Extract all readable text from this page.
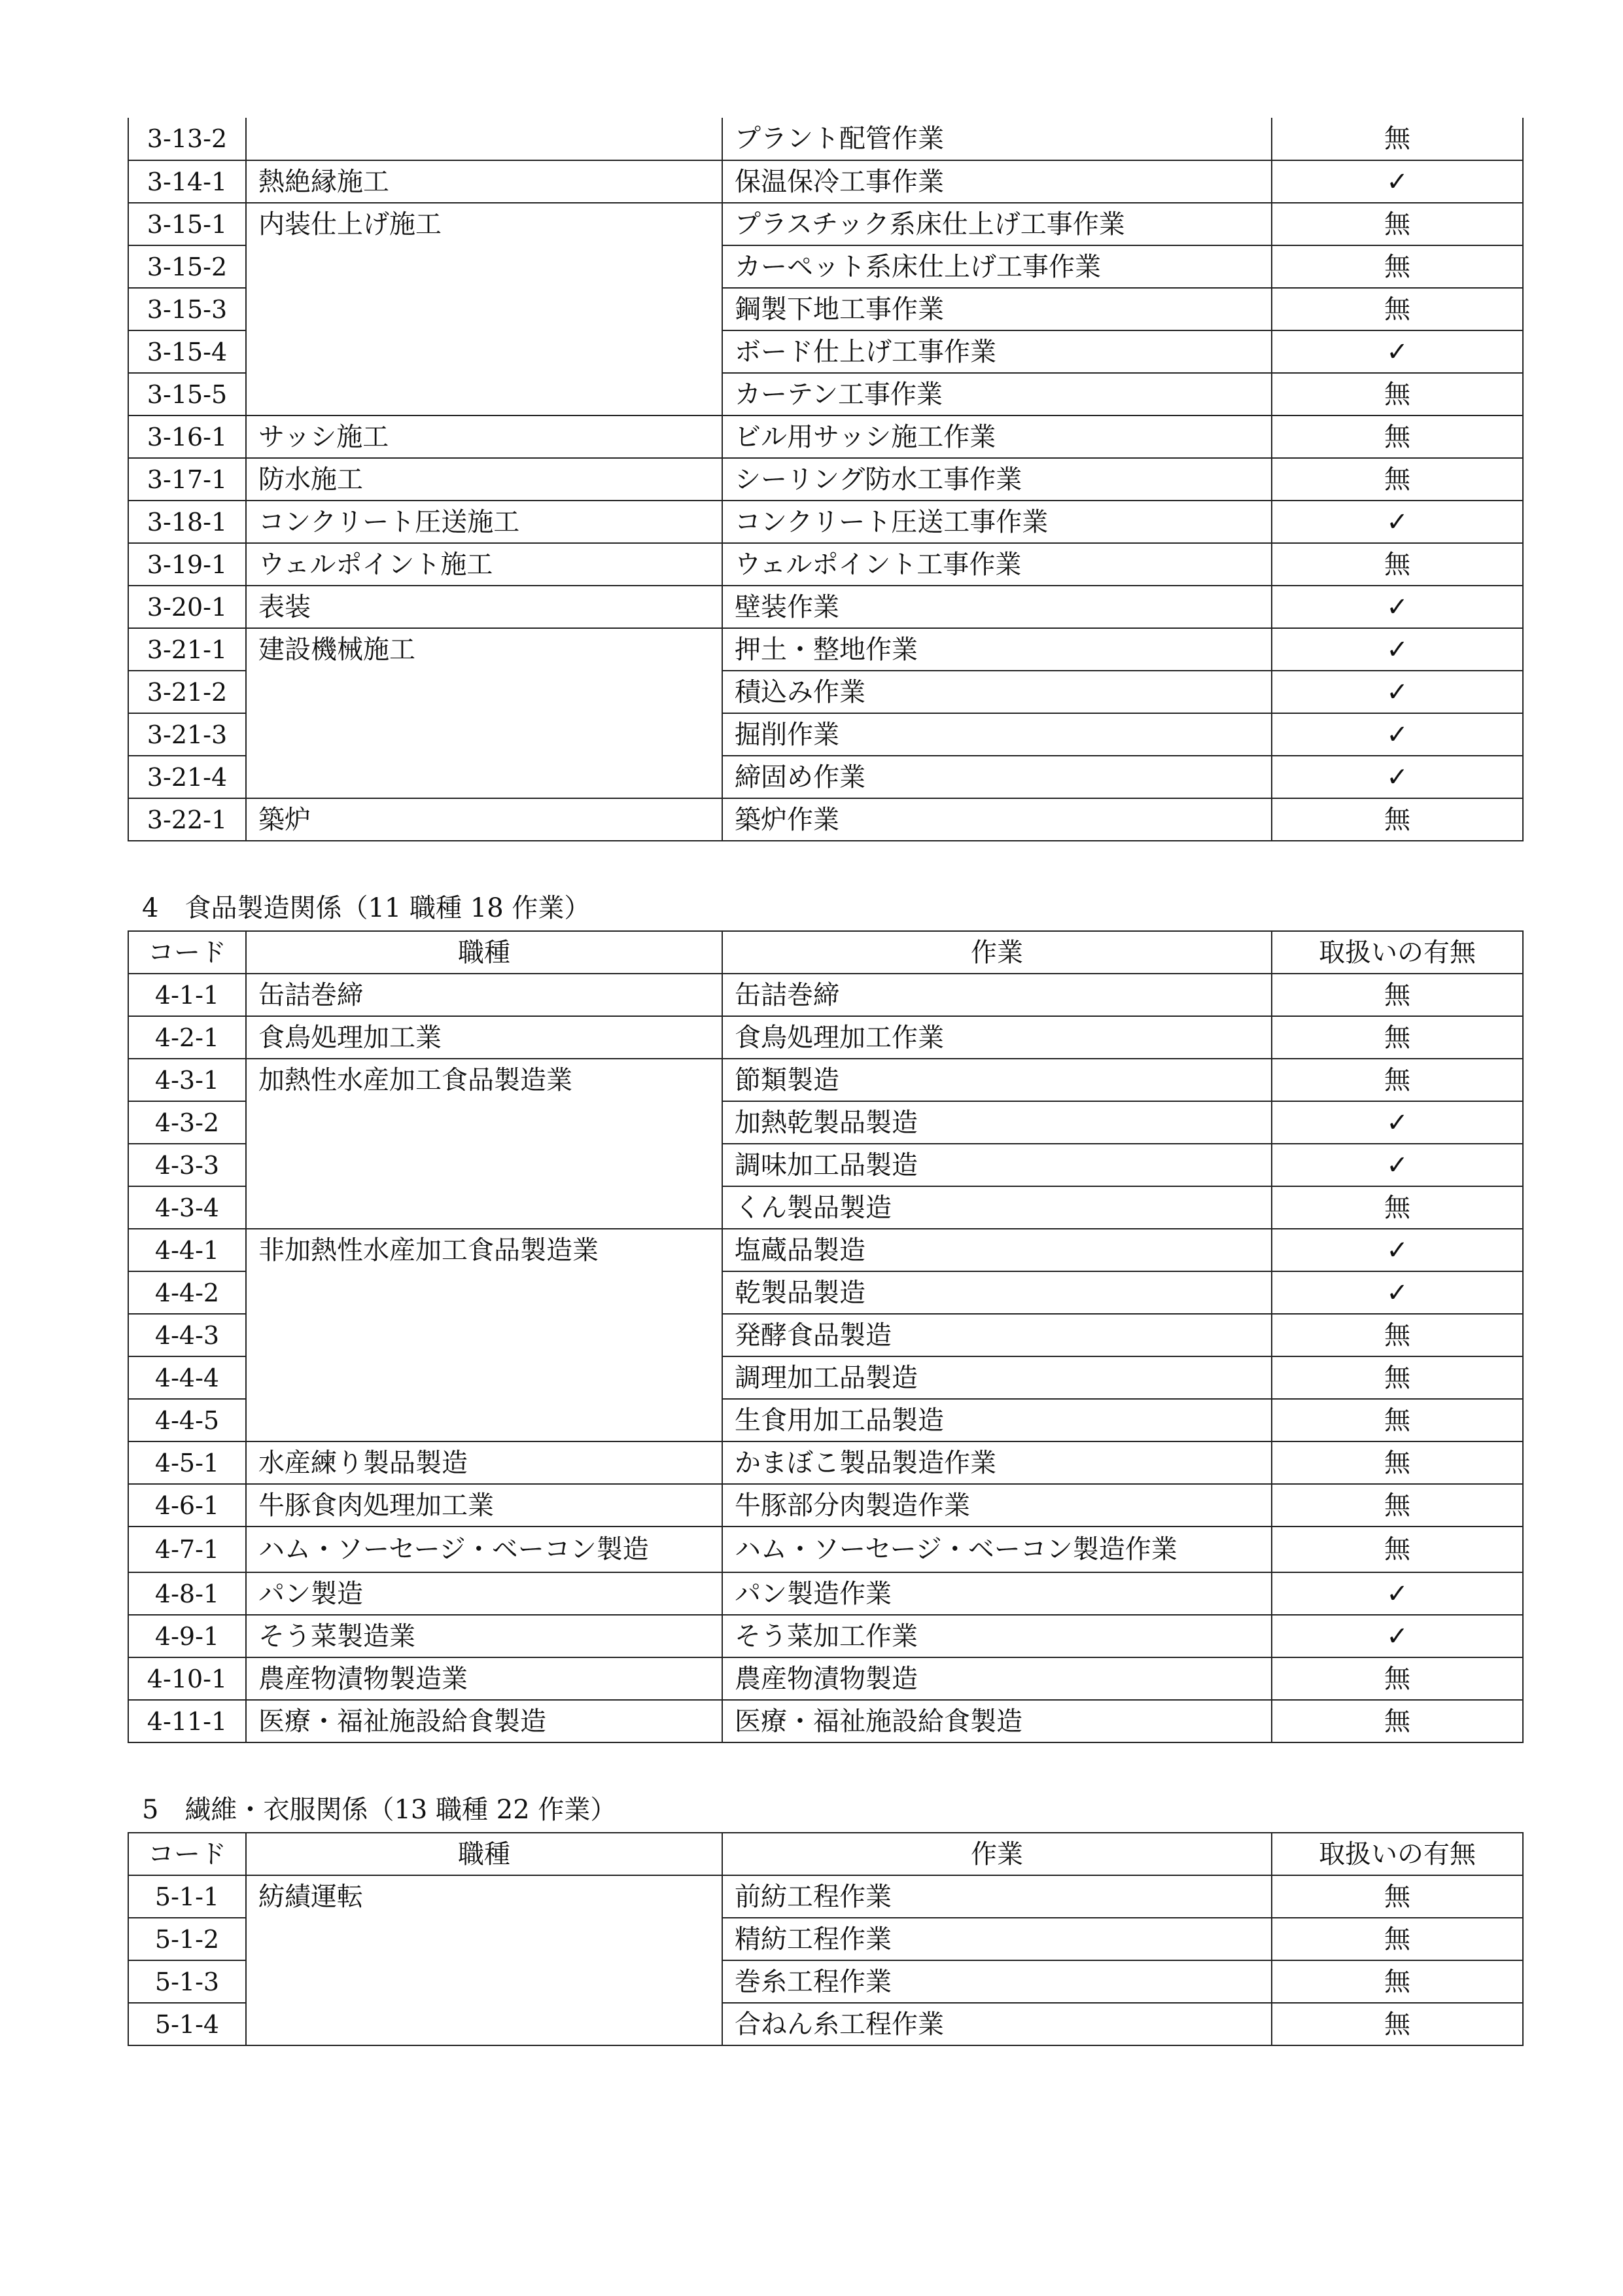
3-13-2		プラント配管作業	無
3-14-1	熱絶縁施工	保温保冷工事作業	✓
3-15-1	内装仕上げ施工	プラスチック系床仕上げ工事作業	無
3-15-2		カーペット系床仕上げ工事作業	無
3-15-3		鋼製下地工事作業	無
3-15-4		ボード仕上げ工事作業	✓
3-15-5		カーテン工事作業	無
3-16-1	サッシ施工	ビル用サッシ施工作業	無
3-17-1	防水施工	シーリング防水工事作業	無
3-18-1	コンクリート圧送施工	コンクリート圧送工事作業	✓
3-19-1	ウェルポイント施工	ウェルポイント工事作業	無
3-20-1	表装	壁装作業	✓
3-21-1	建設機械施工	押土・整地作業	✓
3-21-2		積込み作業	✓
3-21-3		掘削作業	✓
3-21-4		締固め作業	✓
3-22-1	築炉	築炉作業	無

4　食品製造関係（11 職種 18 作業）

コード	職種	作業	取扱いの有無
4-1-1	缶詰巻締	缶詰巻締	無
4-2-1	食鳥処理加工業	食鳥処理加工作業	無
4-3-1	加熱性水産加工食品製造業	節類製造	無
4-3-2		加熱乾製品製造	✓
4-3-3		調味加工品製造	✓
4-3-4		くん製品製造	無
4-4-1	非加熱性水産加工食品製造業	塩蔵品製造	✓
4-4-2		乾製品製造	✓
4-4-3		発酵食品製造	無
4-4-4		調理加工品製造	無
4-4-5		生食用加工品製造	無
4-5-1	水産練り製品製造	かまぼこ製品製造作業	無
4-6-1	牛豚食肉処理加工業	牛豚部分肉製造作業	無
4-7-1	ハム・ソーセージ・ベーコン製造	ハム・ソーセージ・ベーコン製造作業	無
4-8-1	パン製造	パン製造作業	✓
4-9-1	そう菜製造業	そう菜加工作業	✓
4-10-1	農産物漬物製造業	農産物漬物製造	無
4-11-1	医療・福祉施設給食製造	医療・福祉施設給食製造	無

5　繊維・衣服関係（13 職種 22 作業）

コード	職種	作業	取扱いの有無
5-1-1	紡績運転	前紡工程作業	無
5-1-2		精紡工程作業	無
5-1-3		巻糸工程作業	無
5-1-4		合ねん糸工程作業	無
